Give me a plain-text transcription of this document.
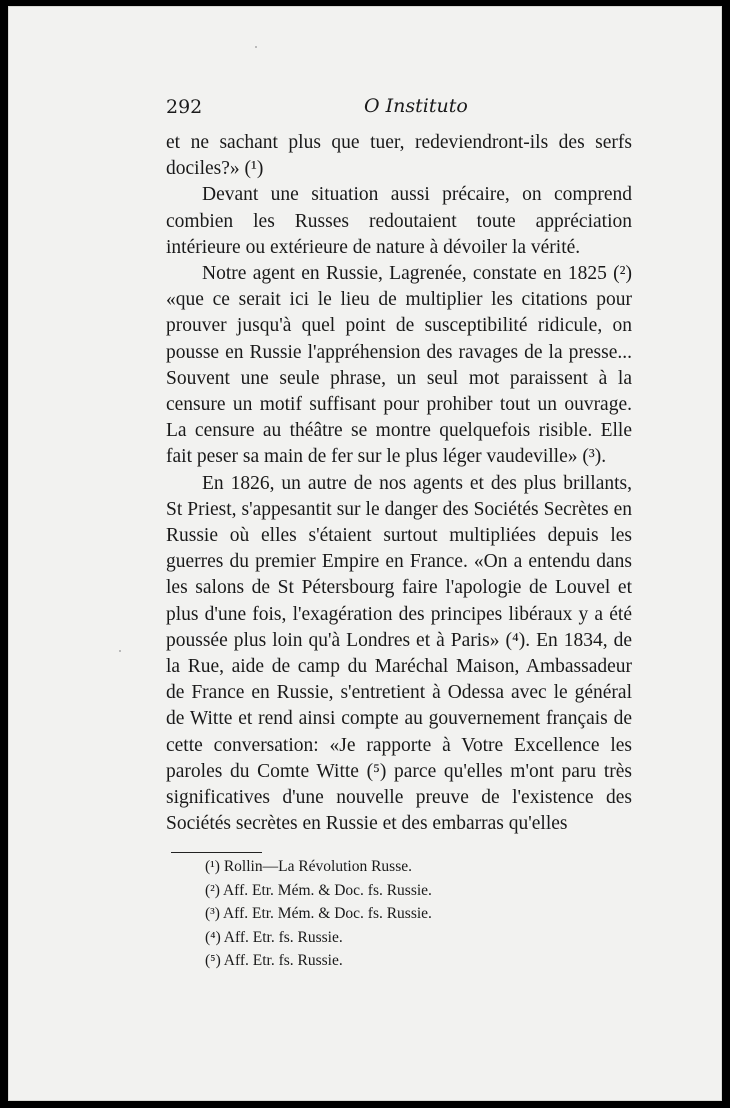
292	O Instituto

et ne sachant plus que tuer, redeviendront-ils des serfs dociles?» (¹)

Devant une situation aussi précaire, on comprend combien les Russes redoutaient toute appréciation intérieure ou extérieure de nature à dévoiler la vérité.

Notre agent en Russie, Lagrenée, constate en 1825 (²) «que ce serait ici le lieu de multiplier les citations pour prouver jusqu'à quel point de susceptibilité ridicule, on pousse en Russie l'appréhension des ravages de la presse... Souvent une seule phrase, un seul mot paraissent à la censure un motif suffisant pour prohiber tout un ouvrage. La censure au théâtre se montre quelquefois risible. Elle fait peser sa main de fer sur le plus léger vaudeville» (³).

En 1826, un autre de nos agents et des plus brillants, St Priest, s'appesantit sur le danger des Sociétés Secrètes en Russie où elles s'étaient surtout multipliées depuis les guerres du premier Empire en France. «On a entendu dans les salons de St Pétersbourg faire l'apologie de Louvel et plus d'une fois, l'exagération des principes libéraux y a été poussée plus loin qu'à Londres et à Paris» (⁴). En 1834, de la Rue, aide de camp du Maréchal Maison, Ambassadeur de France en Russie, s'entretient à Odessa avec le général de Witte et rend ainsi compte au gouvernement français de cette conversation: «Je rapporte à Votre Excellence les paroles du Comte Witte (⁵) parce qu'elles m'ont paru très significatives d'une nouvelle preuve de l'existence des Sociétés secrètes en Russie et des embarras qu'elles

(¹) Rollin—La Révolution Russe.
(²) Aff. Etr. Mém. & Doc. fs. Russie.
(³) Aff. Etr. Mém. & Doc. fs. Russie.
(⁴) Aff. Etr. fs. Russie.
(⁵) Aff. Etr. fs. Russie.
